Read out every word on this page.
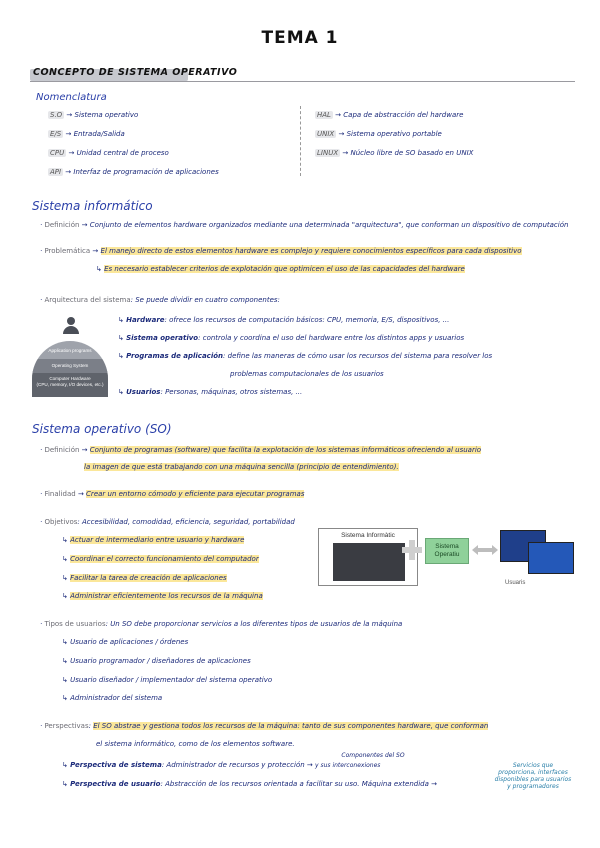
TEMA 1
CONCEPTO DE SISTEMA OPERATIVO
Nomenclatura
S.O → Sistema operativo
E/S → Entrada/Salida
CPU → Unidad central de proceso
API → Interfaz de programación de aplicaciones
HAL → Capa de abstracción del hardware
UNIX → Sistema operativo portable
LINUX → Núcleo libre de SO basado en UNIX
Sistema informático
· Definición → Conjunto de elementos hardware organizados mediante una determinada "arquitectura", que conforman un dispositivo de computación
· Problemática → El manejo directo de estos elementos hardware es complejo y requiere conocimientos específicos para cada dispositivo
↳ Es necesario establecer criterios de explotación que optimicen el uso de las capacidades del hardware
· Arquitectura del sistema: Se puede dividir en cuatro componentes:
Application programs
Operating System
Computer Hardware
(CPU, memory, I/O devices, etc.)
↳ Hardware: ofrece los recursos de computación básicos: CPU, memoria, E/S, dispositivos, ...
↳ Sistema operativo: controla y coordina el uso del hardware entre los distintos apps y usuarios
↳ Programas de aplicación: define las maneras de cómo usar los recursos del sistema para resolver los
problemas computacionales de los usuarios
↳ Usuarios: Personas, máquinas, otros sistemas, ...
Sistema operativo (SO)
· Definición → Conjunto de programas (software) que facilita la explotación de los sistemas informáticos ofreciendo al usuario
la imagen de que está trabajando con una máquina sencilla (principio de entendimiento).
· Finalidad → Crear un entorno cómodo y eficiente para ejecutar programas
· Objetivos: Accesibilidad, comodidad, eficiencia, seguridad, portabilidad
↳ Actuar de intermediario entre usuario y hardware
↳ Coordinar el correcto funcionamiento del computador
↳ Facilitar la tarea de creación de aplicaciones
↳ Administrar eficientemente los recursos de la máquina
Sistema Informàtic
Sistema Operatiu
Usuaris
· Tipos de usuarios: Un SO debe proporcionar servicios a los diferentes tipos de usuarios de la máquina
↳ Usuario de aplicaciones / órdenes
↳ Usuario programador / diseñadores de aplicaciones
↳ Usuario diseñador / implementador del sistema operativo
↳ Administrador del sistema
· Perspectivas: El SO abstrae y gestiona todos los recursos de la máquina: tanto de sus componentes hardware, que conforman
el sistema informático, como de los elementos software.
Componentes del SO
↳ Perspectiva de sistema: Administrador de recursos y protección → y sus interconexiones
↳ Perspectiva de usuario: Abstracción de los recursos orientada a facilitar su uso. Máquina extendida →
Servicios que proporciona, interfaces disponibles para usuarios y programadores
